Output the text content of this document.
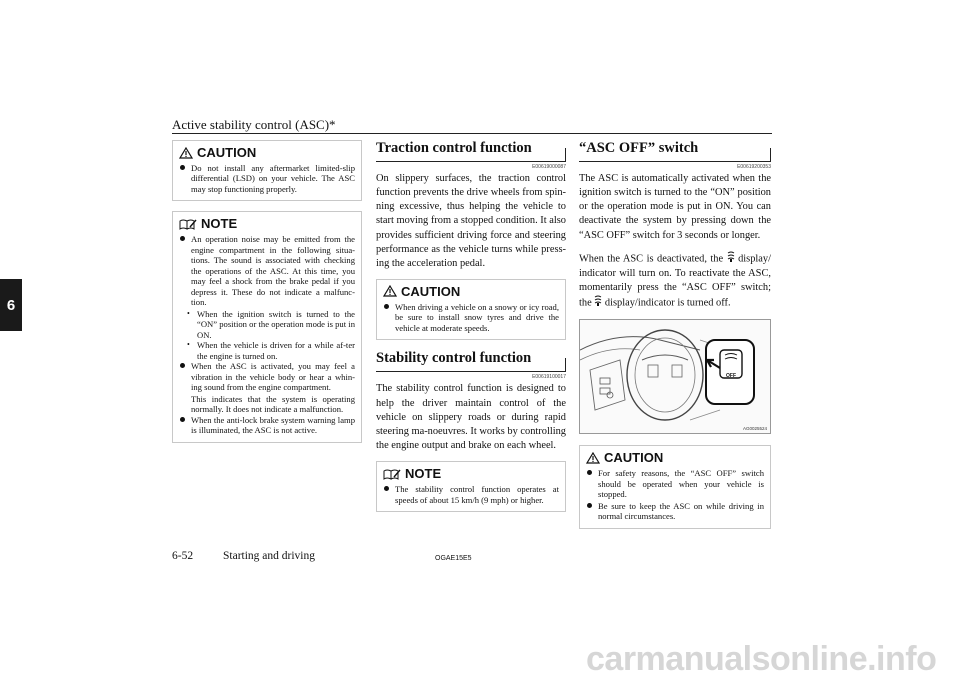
Active stability control (ASC)*
6
CAUTION
Do not install any aftermarket limited-slip differential (LSD) on your vehicle. The ASC may stop functioning properly.
NOTE
An operation noise may be emitted from the engine compartment in the following situa-tions. The sound is associated with checking the operations of the ASC. At this time, you may feel a shock from the brake pedal if you depress it. These do not indicate a malfunc-tion.
• When the ignition switch is turned to the “ON” position or the operation mode is put in ON.
• When the vehicle is driven for a while af-ter the engine is turned on.
When the ASC is activated, you may feel a vibration in the vehicle body or hear a whin-ing sound from the engine compartment.
This indicates that the system is operating normally. It does not indicate a malfunction.
When the anti-lock brake system warning lamp is illuminated, the ASC is not active.
Traction control function
E00619000087

On slippery surfaces, the traction control function prevents the drive wheels from spin-ning excessive, thus helping the vehicle to start moving from a stopped condition. It also provides sufficient driving force and steering performance as the vehicle turns while press-ing the acceleration pedal.

CAUTION
When driving a vehicle on a snowy or icy road, be sure to install snow tyres and drive the vehicle at moderate speeds.
Stability control function
E00619100017

The stability control function is designed to help the driver maintain control of the vehicle on slippery roads or during rapid steering ma-noeuvres. It works by controlling the engine output and brake on each wheel.

NOTE
The stability control function operates at speeds of about 15 km/h (9 mph) or higher.
“ASC OFF” switch
E00619200353

The ASC is automatically activated when the ignition switch is turned to the “ON” position or the operation mode is put in ON. You can deactivate the system by pressing down the “ASC OFF” switch for 3 seconds or longer.

When the ASC is deactivated, the display/ indicator will turn on. To reactivate the ASC, momentarily press the “ASC OFF” switch; the display/indicator is turned off.

OFF
AG0025524
CAUTION
For safety reasons, the “ASC OFF” switch should be operated when your vehicle is stopped.
Be sure to keep the ASC on while driving in normal circumstances.
6-52	Starting and driving	OGAE15E5
carmanualsonline.info
